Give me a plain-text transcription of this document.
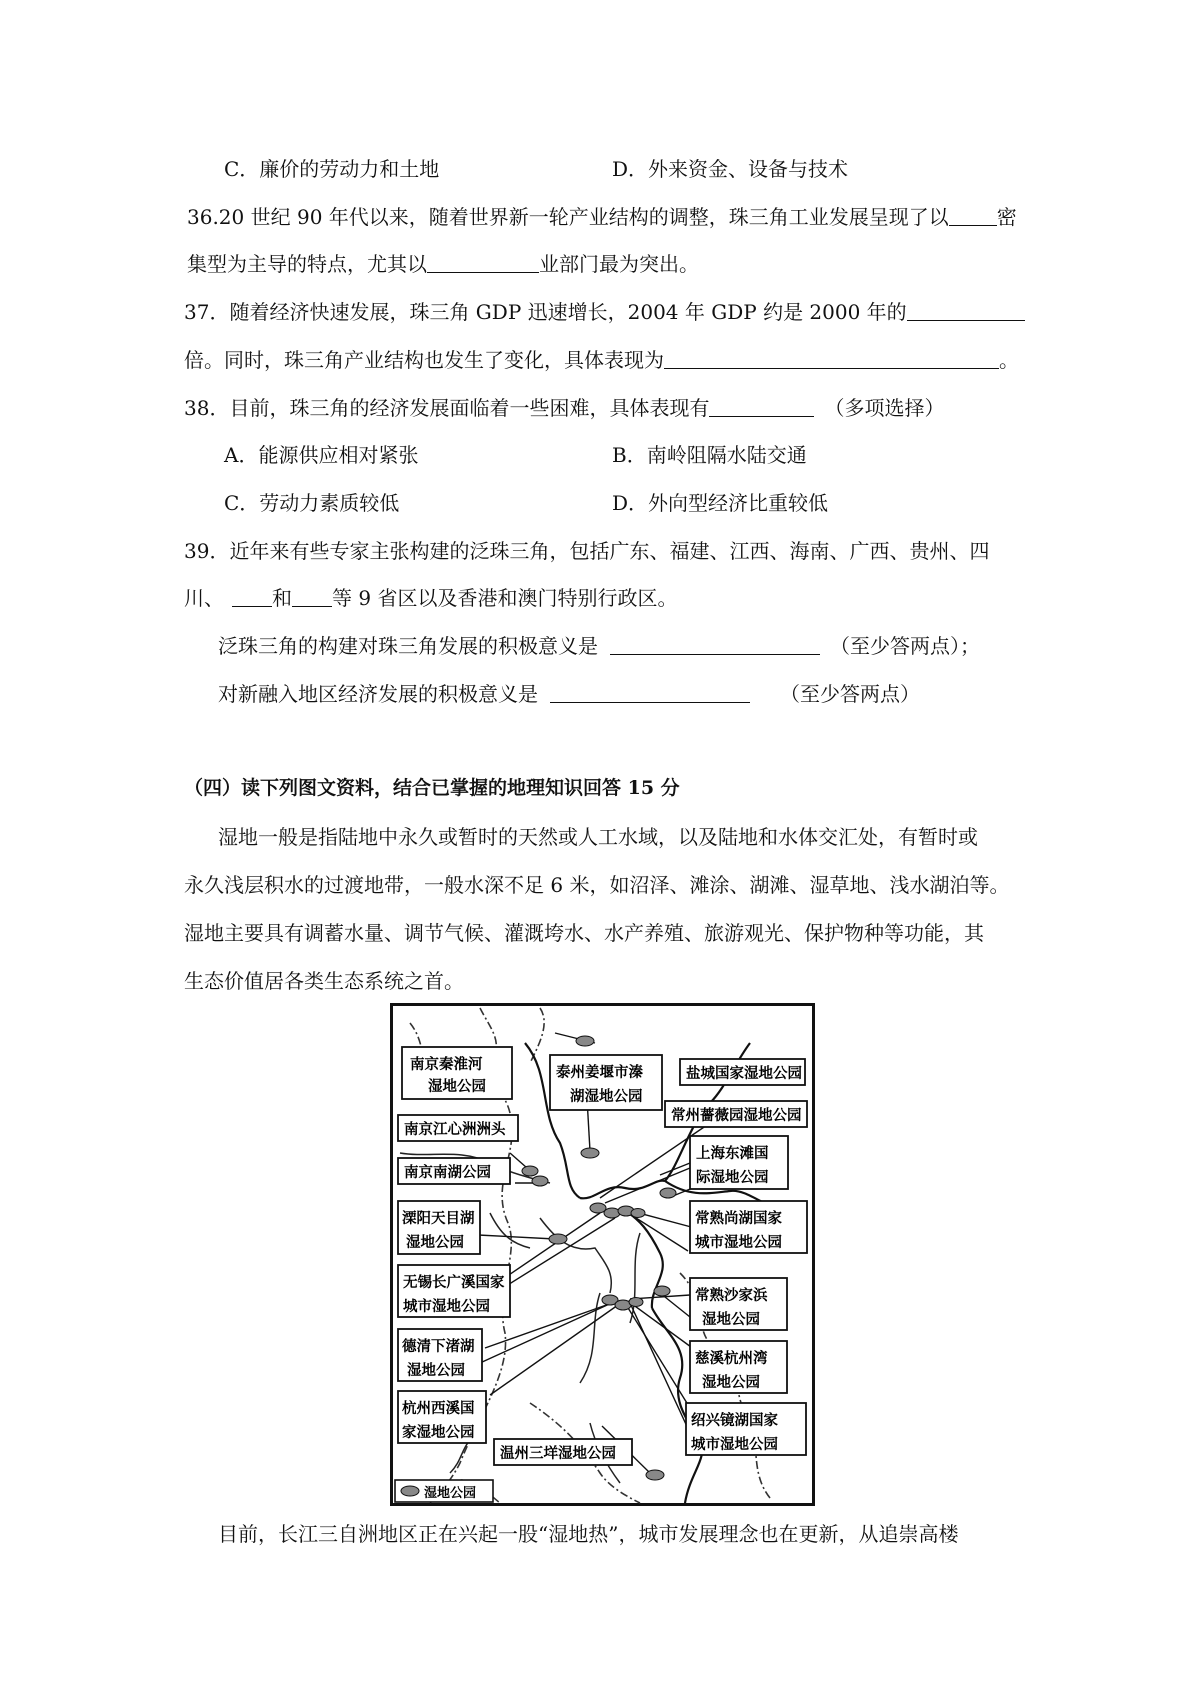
C．廉价的劳动力和土地	D．外来资金、设备与技术
36.20 世纪 90 年代以来，随着世界新一轮产业结构的调整，珠三角工业发展呈现了以 密
集型为主导的特点，尤其以	业部门最为突出。
37．随着经济快速发展，珠三角 GDP 迅速增长，2004 年 GDP 约是 2000 年的
倍。同时，珠三角产业结构也发生了变化，具体表现为	。
38．目前，珠三角的经济发展面临着一些困难，具体表现有	（多项选择）
A．能源供应相对紧张	B．南岭阻隔水陆交通
C．劳动力素质较低	D．外向型经济比重较低
39．近年来有些专家主张构建的泛珠三角，包括广东、福建、江西、海南、广西、贵州、四
川、 和 等 9 省区以及香港和澳门特别行政区。
泛珠三角的构建对珠三角发展的积极意义是	（至少答两点）；
对新融入地区经济发展的积极意义是	（至少答两点）
（四）读下列图文资料，结合已掌握的地理知识回答 15 分
湿地一般是指陆地中永久或暂时的天然或人工水域，以及陆地和水体交汇处，有暂时或
永久浅层积水的过渡地带，一般水深不足 6 米，如沼泽、滩涂、湖滩、湿草地、浅水湖泊等。
湿地主要具有调蓄水量、调节气候、灌溉垮水、水产养殖、旅游观光、保护物种等功能，其
生态价值居各类生态系统之首。
南京秦淮河
湿地公园
泰州姜堰市溱
湖湿地公园
盐城国家湿地公园
常州薔薇园湿地公园
南京江心洲洲头
上海东滩国
际湿地公园
南京南湖公园
溧阳天目湖
湿地公园
常熟尚湖国家
城市湿地公园
无锡长广溪国家
城市湿地公园
常熟沙家浜
湿地公园
德清下渚湖
湿地公园
慈溪杭州湾
湿地公园
杭州西溪国
家湿地公园
绍兴镜湖国家
城市湿地公园
温州三垟湿地公园
湿地公园
目前，长江三自洲地区正在兴起一股“湿地热”，城市发展理念也在更新，从追崇高楼
